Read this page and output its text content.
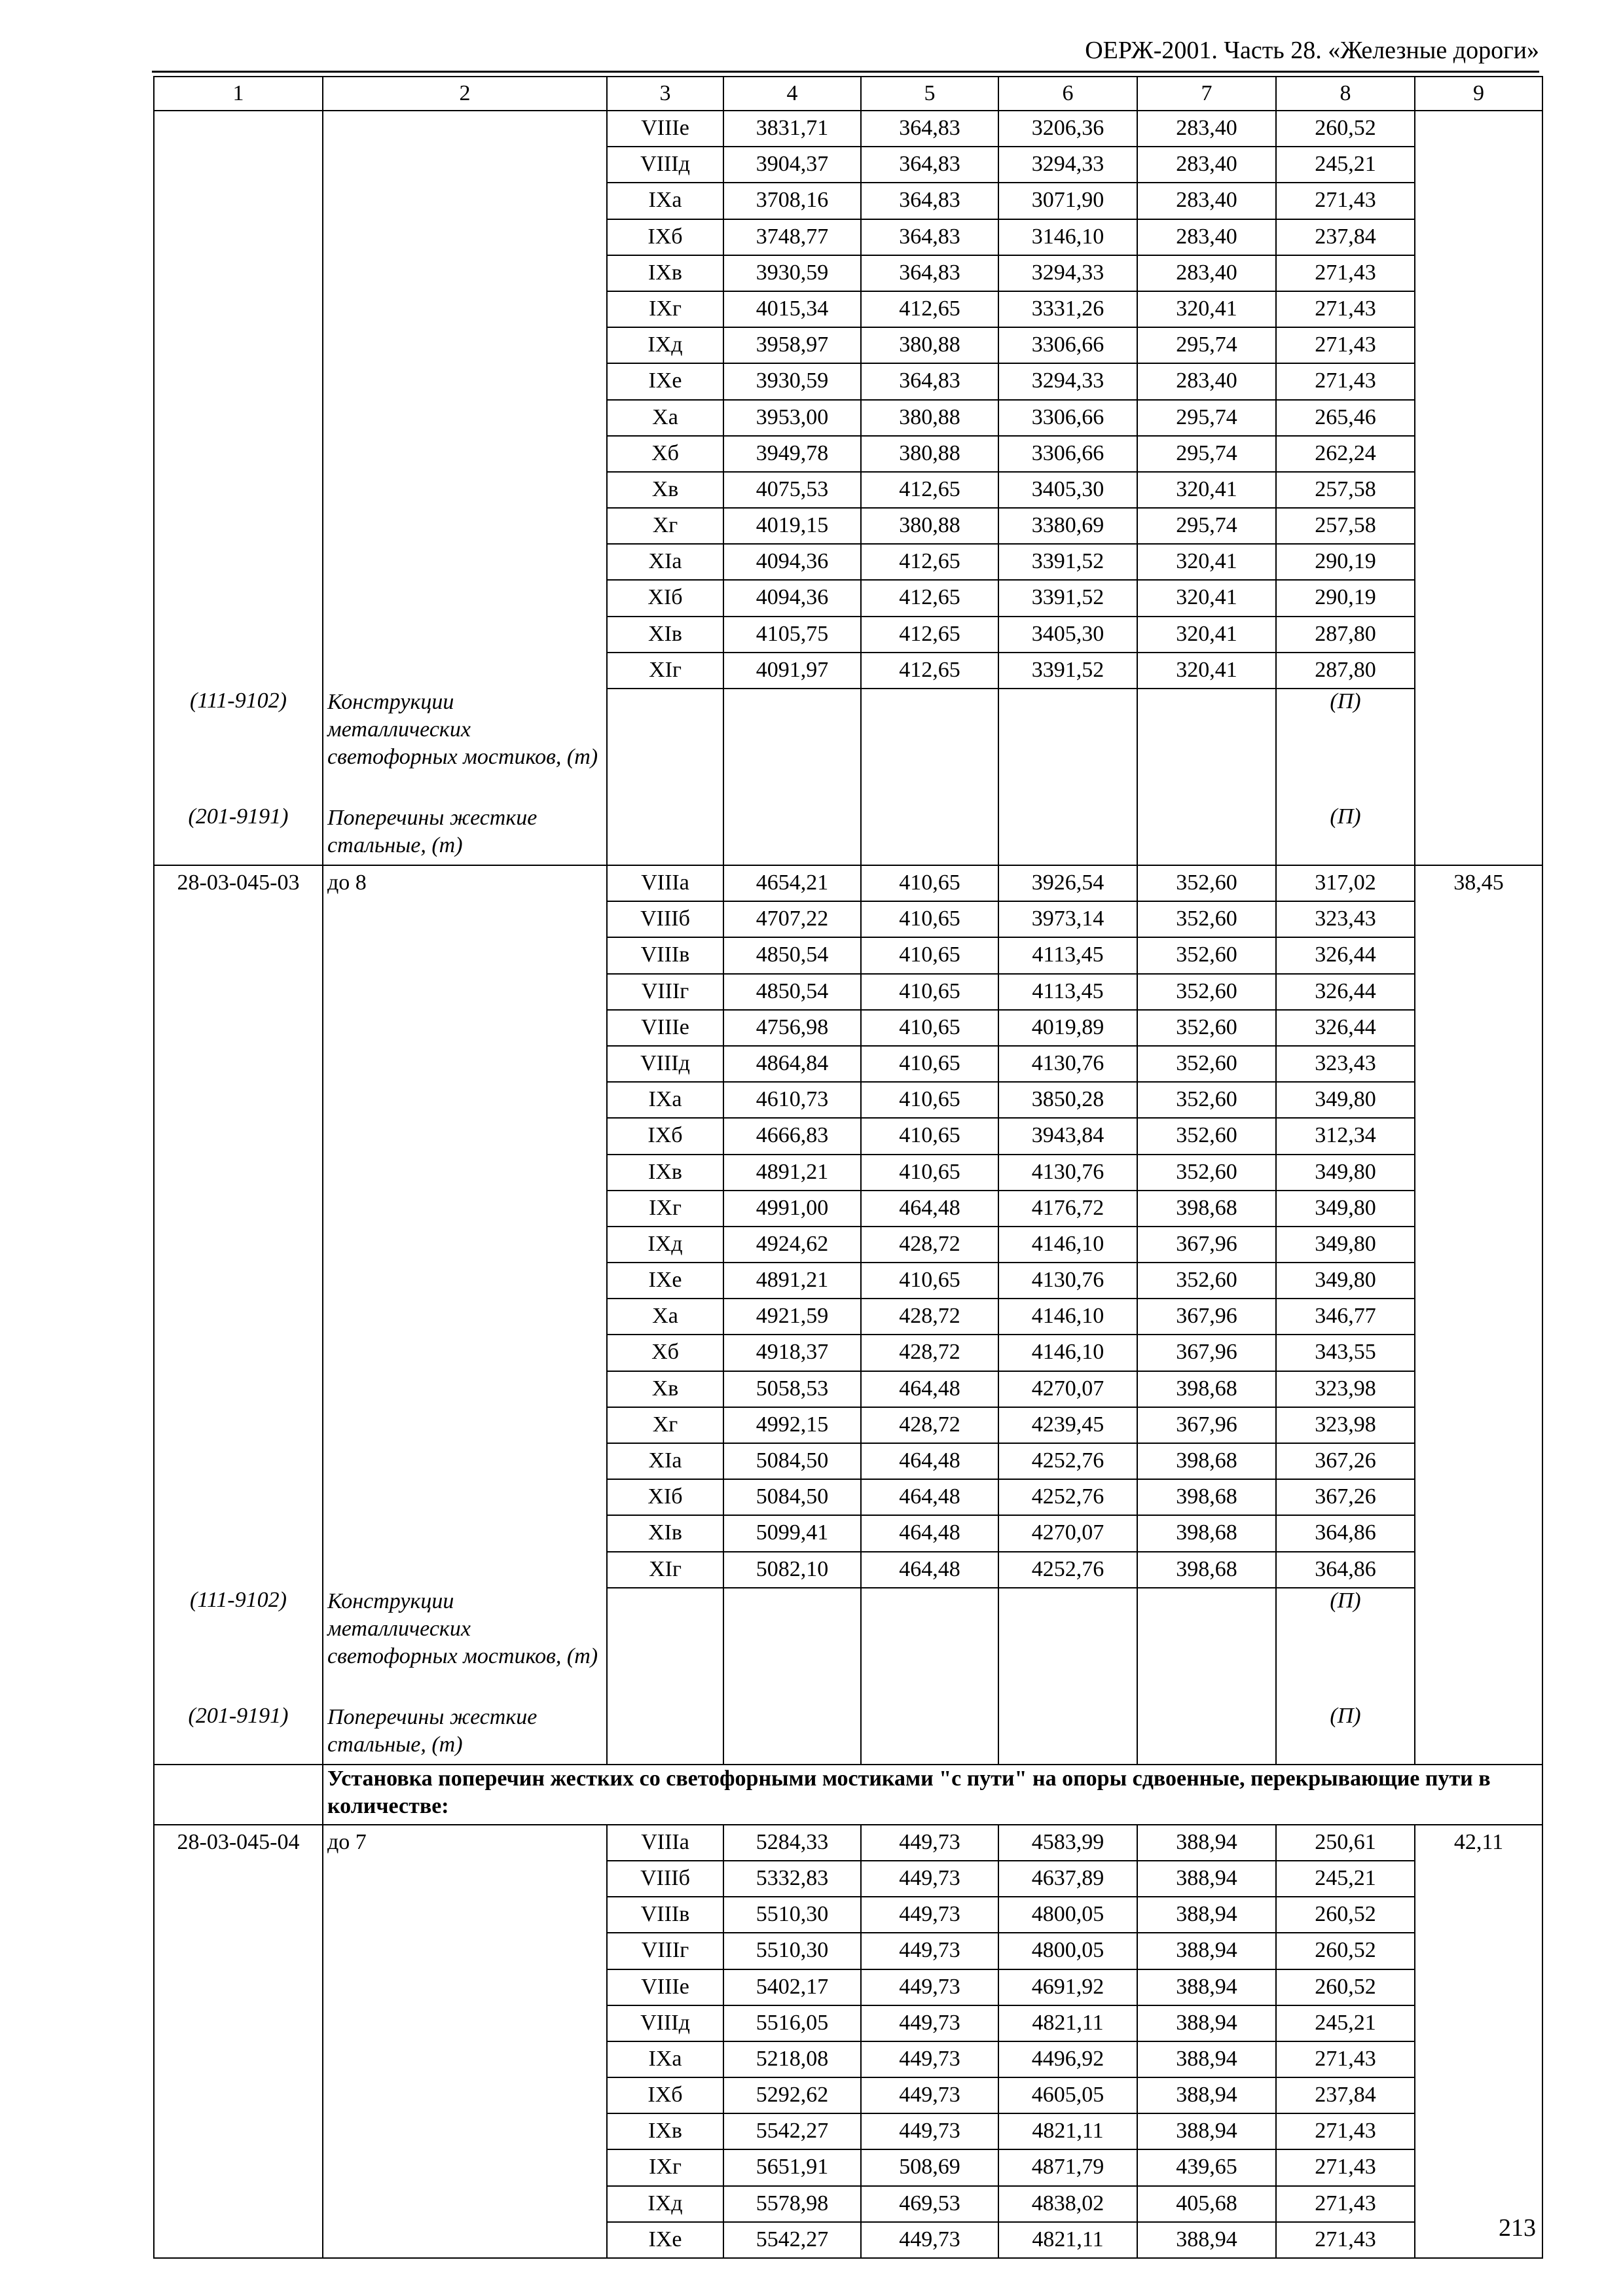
ОЕРЖ-2001. Часть 28. «Железные дороги»
1	2	3	4	5	6	7	8	9
		VIIIе	3831,71	364,83	3206,36	283,40	260,52	
		VIIIд	3904,37	364,83	3294,33	283,40	245,21	
		IXа	3708,16	364,83	3071,90	283,40	271,43	
		IXб	3748,77	364,83	3146,10	283,40	237,84	
		IXв	3930,59	364,83	3294,33	283,40	271,43	
		IXг	4015,34	412,65	3331,26	320,41	271,43	
		IXд	3958,97	380,88	3306,66	295,74	271,43	
		IXе	3930,59	364,83	3294,33	283,40	271,43	
		Xа	3953,00	380,88	3306,66	295,74	265,46	
		Xб	3949,78	380,88	3306,66	295,74	262,24	
		Xв	4075,53	412,65	3405,30	320,41	257,58	
		Xг	4019,15	380,88	3380,69	295,74	257,58	
		XIа	4094,36	412,65	3391,52	320,41	290,19	
		XIб	4094,36	412,65	3391,52	320,41	290,19	
		XIв	4105,75	412,65	3405,30	320,41	287,80	
		XIг	4091,97	412,65	3391,52	320,41	287,80	
(111-9102)	Конструкции металлических светофорных мостиков, (т)						(П)	
(201-9191)	Поперечины жесткие стальные, (т)						(П)	
28-03-045-03	до 8	VIIIа	4654,21	410,65	3926,54	352,60	317,02	38,45
		VIIIб	4707,22	410,65	3973,14	352,60	323,43	
		VIIIв	4850,54	410,65	4113,45	352,60	326,44	
		VIIIг	4850,54	410,65	4113,45	352,60	326,44	
		VIIIе	4756,98	410,65	4019,89	352,60	326,44	
		VIIIд	4864,84	410,65	4130,76	352,60	323,43	
		IXа	4610,73	410,65	3850,28	352,60	349,80	
		IXб	4666,83	410,65	3943,84	352,60	312,34	
		IXв	4891,21	410,65	4130,76	352,60	349,80	
		IXг	4991,00	464,48	4176,72	398,68	349,80	
		IXд	4924,62	428,72	4146,10	367,96	349,80	
		IXе	4891,21	410,65	4130,76	352,60	349,80	
		Xа	4921,59	428,72	4146,10	367,96	346,77	
		Xб	4918,37	428,72	4146,10	367,96	343,55	
		Xв	5058,53	464,48	4270,07	398,68	323,98	
		Xг	4992,15	428,72	4239,45	367,96	323,98	
		XIа	5084,50	464,48	4252,76	398,68	367,26	
		XIб	5084,50	464,48	4252,76	398,68	367,26	
		XIв	5099,41	464,48	4270,07	398,68	364,86	
		XIг	5082,10	464,48	4252,76	398,68	364,86	
(111-9102)	Конструкции металлических светофорных мостиков, (т)						(П)	
(201-9191)	Поперечины жесткие стальные, (т)						(П)	
	Установка поперечин жестких со светофорными мостиками "с пути" на опоры сдвоенные, перекрывающие пути в количестве:							
28-03-045-04	до 7	VIIIа	5284,33	449,73	4583,99	388,94	250,61	42,11
		VIIIб	5332,83	449,73	4637,89	388,94	245,21	
		VIIIв	5510,30	449,73	4800,05	388,94	260,52	
		VIIIг	5510,30	449,73	4800,05	388,94	260,52	
		VIIIе	5402,17	449,73	4691,92	388,94	260,52	
		VIIIд	5516,05	449,73	4821,11	388,94	245,21	
		IXа	5218,08	449,73	4496,92	388,94	271,43	
		IXб	5292,62	449,73	4605,05	388,94	237,84	
		IXв	5542,27	449,73	4821,11	388,94	271,43	
		IXг	5651,91	508,69	4871,79	439,65	271,43	
		IXд	5578,98	469,53	4838,02	405,68	271,43	
		IXе	5542,27	449,73	4821,11	388,94	271,43		213
